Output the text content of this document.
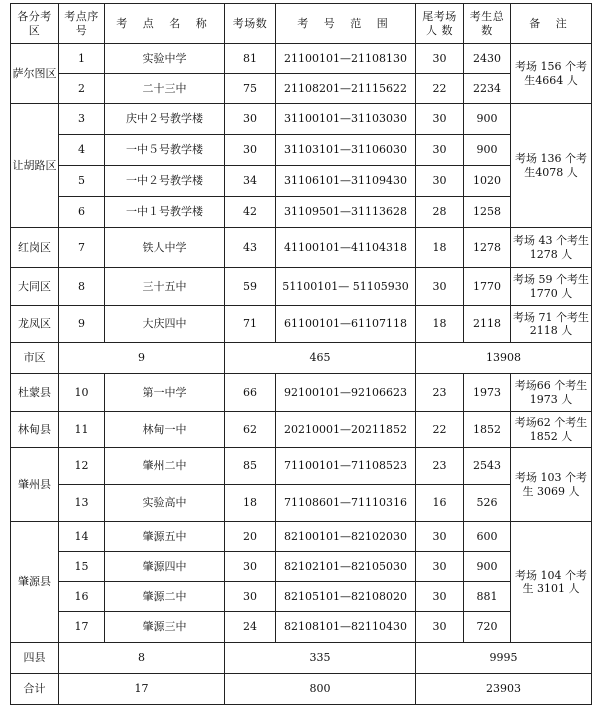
各分考区	考点序号	考 点 名 称	考场数	考 号 范 围	尾考场人 数	考生总数	备 注
萨尔图区	1	实验中学	81	21100101—21108130	30	2430	考场 156 个考生4664 人
	2	二十三中	75	21108201—21115622	22	2234	
让胡路区	3	庆中２号教学楼	30	31100101—31103030	30	900	考场 136 个考生4078 人
	4	一中５号教学楼	30	31103101—31106030	30	900	
	5	一中２号教学楼	34	31106101—31109430	30	1020	
	6	一中１号教学楼	42	31109501—31113628	28	1258	
红岗区	7	铁人中学	43	41100101—41104318	18	1278	考场 43 个考生1278 人
大同区	8	三十五中	59	51100101— 51105930	30	1770	考场 59 个考生1770 人
龙凤区	9	大庆四中	71	61100101—61107118	18	2118	考场 71 个考生2118 人
市区	9		465		13908		
杜蒙县	10	第一中学	66	92100101—92106623	23	1973	考场66 个考生 1973 人
林甸县	11	林甸一中	62	20210001—20211852	22	1852	考场62 个考生 1852 人
肇州县	12	肇州二中	85	71100101—71108523	23	2543	考场 103 个考生 3069 人
	13	实验高中	18	71108601—71110316	16	526	
肇源县	14	肇源五中	20	82100101—82102030	30	600	考场 104 个考生 3101 人
	15	肇源四中	30	82102101—82105030	30	900	
	16	肇源二中	30	82105101—82108020	30	881	
	17	肇源三中	24	82108101—82110430	30	720	
四县	8		335		9995		
合计	17		800		23903		
